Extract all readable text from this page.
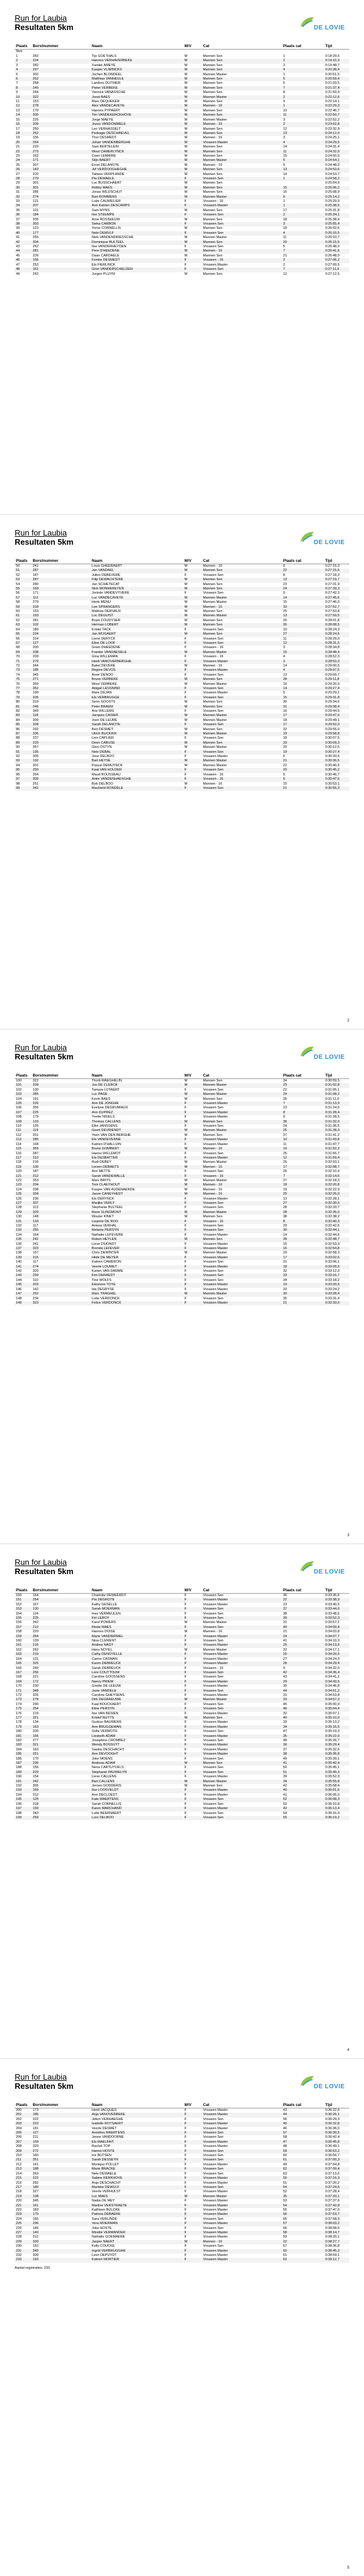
Run for Laubia
Resultaten 5km	DE LOVIE
Plaats	Borstnummer	Naam	M/V	Cat	Plaats cat	Tijd
5km						
1	283	Tijs GOETHALS	M	Mannen Sen	1	0:18:29,5
2	224	Hannes VERHAVERBEKE	M	Mannen Sen	2	0:19:10,3
3	282	Xander AMEYE	M	Mannen Sen	3	0:19:48,7
4	297	Kasper VLIMINCKX	M	Mannen Sen	4	0:20:38,4
5	302	Jochen BLONDEEL	M	Mannen Master	1	0:20:51,5
6	262	Matthias VANHEULE	M	Mannen Sen	5	0:20:59,4
7	268	Landoro DUTHIER	M	Mannen Sen	6	0:21:03,5
8	240	Pieter VERBEKE	M	Mannen Sen	7	0:21:37,4
9	244	Yannick VANASSCHE	M	Mannen Sen	8	0:21:59,9
10	322	Joost BAES	M	Mannen Master	2	0:22:12,6
11	153	Marc DEQUEKER	M	Mannen Sen	9	0:22:14,1
12	278	Alex VANDECAVEYE	M	Mannen - 16	1	0:22:29,3
13	170	Hannes PYPAERT	M	Mannen Sen	10	0:22:46,7
14	300	Tim VANDEKERCKHOVE	M	Mannen Sen	11	0:22:50,7
15	225	Jorge MAEYE	M	Mannen Master	3	0:22:52,2
16	209	Jozeo VANDOMMELE	M	Mannen - 16	2	0:23:02,8
17	250	Leo VERHASSELT	M	Mannen Sen	12	0:23:32,9
18	252	Pedragio DESCHREVEL	M	Mannen Sen	13	0:24:12,0
19	156	Thor DESMEDT	M	Mannen - 16	3	0:24:25,1
20	264	Johan VANDENBERGHE	M	Vrouwen Master	4	0:24:29,5
21	229	Sam BERTELEIN	M	Mannen Sen	14	0:24:31,4
22	273	Wout CAMERLYNCK	M	Mannen Sen	11	0:24:32,0
23	162	Coen LEMAIRE	M	Mannen Sen	15	0:24:50,5
24	171	Stijn BAERT	M	Mannen Master	5	0:24:54,1
25	307	Ernst DELANOTE	M	Mannen - 16	5	0:24:48,2
26	143	Jef VERDOOGHEGHE	M	Mannen Sen	13	0:24:53,6
27	220	Tatiano VERPLANDE	M	Mannen Sen	14	0:24:53,7
28	279	Pia DEWAELE	F	Vrouwen Sen	1	0:24:58,2
29	301	Luc BUSSCHAERT	M	Mannen Sen		0:25:04,9
30	301	Robby MAES	M	Mannen Sen	15	0:25:06,2
31	285	Jonas WILDSCHUT	M	Mannen Sen	16	0:25:08,9
32	274	Bart ROMMENS	M	Mannen Master	6	0:25:14,2
33	121	Lode CAUWELIER	F	Vrouwen - 16	1	0:25:29,9
34	207	Ann Katrien DESCAMPS	F	Vrouwen Master	1	0:25:38,5
35	101	Sam MYNS	M	Mannen Sen	17	0:25:31,8
36	184	Ilse STEEMPE	F	Vrouwen Sen	2	0:25:34,1
37	205	Arne ROSSEEUW	M	Mannen Sen	18	0:25:38,4
38	303	Sieka CARBON	F	Vrouwen Sen	3	0:25:55,4
39	123	Yorne CORNELLIS	M	Mannen Sen	18	0:26:02,6
40	177	Nele DEMULF	F	Vrouwen Sen	4	0:26:10,5
41	255	Niek VANDENDRIESSCHE	M	Mannen Master	11	0:26:10,7
42	304	Dominique BULTEEL	M	Mannen Sen	20	0:26:15,5
43	262	Ilse VANDERHEYDEN	F	Vrouwen Sen	5	0:26:48,0
44	281	Pere D'HEEDENE	M	Mannen - 16	7	0:26:41,6
45	226	Daan CARDAELE	M	Mannen Sen	21	0:26:48,0
46	156	Femke DESMEDT	F	Vrouwen - 16	2	0:27:06,2
47	253	Els FIERLINCK	F	Vrouwen Master	2	0:27:09,5
48	161	Griet VANDERSCHELDEN	F	Vrouwen Sen	7	0:27:11,6
49	262	Jurgen PLUYM	M	Mannen Sen	12	0:27:12,5
Run for Laubia
Resultaten 5km	DE LOVIE
Plaats	Borstnummer	Naam	M/V	Cat	Plaats cat	Tijd
50	241	Louis GHEERAERT	M	Mannen - 16	6	0:27:15,3
51	287	Jan VANDAEL	M	Mannen Sen	22	0:27:15,6
52	187	Julien DEBEVERE	F	Vrouwen Sen	8	0:27:18,3
53	287	Filip DEWACHTERE	M	Mannen Sen	13	0:27:19,7
54	280	Jan SCHIETECAT	M	Mannen Sen	23	0:27:31,9
55	169	Nick MONHEREYEN	M	Mannen Sen	24	0:27:39,3
56	171	Jorinde VANDEVYVERE	F	Vrouwen Sen	9	0:27:42,3
57	112	Luc VANDECAVEYE	M	Mannen Master	14	0:27:45,6
58	279	Henk MENU	M	Mannen Master	15	0:27:46,0
59	318	Lee SPRANGERS	M	Mannen - 16	10	0:27:52,7
60	153	Mathias DERVAUX	M	Mannen Sen	25	0:27:53,8
61	193	Luc DEGUIST	M	Mannen Master	13	0:27:59,5
62	281	Bram COUDYSER	M	Mannen Sen	26	0:28:01,8
63	102	Herman LOBERT	M	Mannen Sen	26	0:28:08,5
64	189	Kristel TACK	F	Vrouwen Sen	10	0:28:24,3
65	224	Jan WIJGAERT	M	Mannen Sen	27	0:28:24,5
66	314	Liene DERYCK	F	Vrouwen Sen	11	0:28:29,0
67	127	Eline DE LOOF	F	Vrouwen Sen	12	0:28:31,5
68	200	Greet DHEEDENE	F	Vrouwen - 16	3	0:28:34,8
69	338	Frankie VANDAESELE	M	Mannen Master	15	0:28:48,4
70	209	Gina WILLEMAN	F	Vrouwen - 16	4	0:28:52,3
71	279	Heidi VANOVERBERGHE	F	Vrouwen Master	3	0:28:53,3
72	344	Bakel DEVERE	M	Mannen - 16	14	0:29:00,5
73	185	Regine DEVOS	F	Vrouwen Master	4	0:29:07,5
74	345	Anne DENOO	F	Vrouwen Sen	13	0:29:09,7
75	271	Bruno VERBEKE	M	Mannen Sen	28	0:29:11,8
76	350	Wout VERBEKE	M	Mannen Master	16	0:29:20,0
77	352	Abigail LESSNIND	F	Vrouwen Sen	14	0:29:27,4
78	199	Mare DEJAN	F	Vrouwen Master	5	0:29:29,1
79	205	Els VERBRUGGE	F	Vrouwen Sen	15	0:29:31,8
80	319	Senn GOOSTS	M	Mannen Sen	30	0:29:34,6
81	246	Peter BRAEM	M	Mannen Sen	31	0:29:38,4
82	349	Ans WILLEMS	F	Vrouwen Sen	16	0:29:44,5
83	118	Jacques CASIER	M	Mannen Master	17	0:29:47,0
84	309	Joeri DE LEURE	M	Mannen Master	18	0:29:49,1
85	328	Sarah DELANOTE	F	Vrouwen Sen	17	0:29:52,0
86	292	Bert DESMET	M	Mannen Sen	32	0:29:55,0
87	336	Ulrich BUCKINX	M	Mannen Master	19	0:29:58,8
88	237	Lien CAPLIER	F	Vrouwen Sen	18	0:30:07,5
89	229	Deen CABUSE	M	Mannen Sen	33	0:30:09,3
90	357	Glen OSTYN	M	Mannen Master	20	0:30:12,5
91	135	Nele DEBAL	F	Vrouwen Sen	19	0:30:27,4
92	305	Jose DELBOO	F	Vrouwen Master	6	0:30:33,6
93	192	Bart HEYSE	M	Mannen Master	21	0:30:36,5
94	301	Pascal DEMUYNCK	M	Mannen Master	22	0:30:40,6
95	250	Kaat VAN HOLDER	F	Vrouwen Sen	20	0:30:45,2
96	264	Maud ROUSSEAU	F	Vrouwen - 16	5	0:30:46,7
97	309	Anke VANDENHAESGHE	F	Vrouwen - 16	6	0:30:47,6
98	251	Bob DELBOO	M	Mannen - 16	15	0:30:53,1
99	342	Machteld RONDELE	F	Vrouwen Sen	21	0:30:55,3
2
Run for Laubia
Resultaten 5km	DE LOVIE
Plaats	Borstnummer	Naam	M/V	Cat	Plaats cat	Tijd
100	322	Thorb MAEGHELIN	M	Mannen Sen	34	0:30:59,5
101	209	Jos DE CLERCK	M	Mannen Master	23	0:31:02,8
102	130	Tamara LOTAERT	F	Vrouwen Sen	22	0:31:05,1
103	285	Luc PAGE	M	Mannen Master	24	0:31:08,2
104	191	Kevin BAES	M	Mannen Sen	35	0:31:11,0
105	226	Ann DE JONGHE	F	Vrouwen Master	7	0:31:13,9
106	355	Evelyne DEGRUMIAUX	F	Vrouwen Sen	23	0:31:24,5
107	225	Ann DUPREZ	F	Vrouwen Master	8	0:31:28,4
108	179	Yvette NIGELS	F	Vrouwen Master	9	0:31:28,5
109	133	Thomas CALLENS	M	Mannen Sen	36	0:31:32,0
110	126	Elke JANSSENS	F	Vrouwen Sen	24	0:31:36,5
111	119	Geert DEVRIENDT	M	Mannen Master	25	0:31:38,0
112	201	Yoeri VAN DEN BERGHE	M	Mannen Sen	37	0:31:41,2
113	285	Els VANDEVENNE	F	Vrouwen Master	10	0:31:43,8
114	168	Katrien D'HALLUIN	F	Vrouwen Master	11	0:31:47,7
115	359	Bruno GOMBERT	M	Mannen - 16	16	0:31:52,2
116	287	Hanne WILLEMOT	F	Vrouwen Sen	25	0:31:55,7
117	313	Els DESBATTER	F	Vrouwen Master	12	0:31:59,4
118	216	Rudi DEBEY	M	Mannen Master	26	0:32:03,1
119	130	Lieven DEBAETS	M	Mannen - 16	17	0:32:08,7
120	187	Ann METTE	F	Vrouwen Sen	26	0:32:10,4
121	312	Sarah VANDEWALLE	F	Vrouwen - 16	7	0:32:14,6
122	353	Marc BRIYS	M	Mannen Master	27	0:32:18,3
123	204	Tom CLAEYHOUT	M	Mannen - 16	18	0:32:20,8
124	338	Kasper VAN AUDENAERDE	M	Mannen - 16	19	0:32:22,9
125	334	Jason CANEYHEDT	M	Mannen - 16	20	0:32:25,0
126	236	Els DERYNCK	F	Vrouwen Master	13	0:32:28,1
127	337	Marijke VERLY	F	Vrouwen Sen	27	0:32:30,5
128	113	Stephanie BULTEEL	F	Vrouwen Sen	28	0:32:33,7
129	320	Rene SLINGMONT	M	Mannen Master	28	0:32:35,0
130	148	Wouter KINET	M	Mannen Sen	38	0:32:38,2
131	133	Lisanne DE ROO	F	Vrouwen - 16	8	0:32:40,3
132	117	Anissa VERHAL	F	Vrouwen Sen	29	0:32:42,6
133	255	Melanie PERSYN	F	Vrouwen Sen	30	0:32:44,1
134	164	Nathalie LEFEVERE	F	Vrouwen Master	14	0:32:44,6
135	242	Ruben HEYLEN	M	Mannen Sen	39	0:32:48,7
136	241	Lieve D'HONDT	F	Vrouwen Master	15	0:32:53,3
137	323	Brenda LEFEVER	F	Vrouwen Master	16	0:32:54,8
138	157	Chris DEWINTER	M	Mannen Master	29	0:32:58,3
139	315	Hilde DE MEYER	F	Vrouwen Master	17	0:33:02,6
140	117	Katrien CAMERON	F	Vrouwen Sen	31	0:33:06,1
141	274	Veerle LOUWET	F	Vrouwen Master	18	0:33:09,5
142	320	Karien VAN DAMME	F	Vrouwen Sen	32	0:33:12,0
143	259	Kim DERAEDT	F	Vrouwen Sen	33	0:33:15,7
144	110	Tine WOLFS	F	Vrouwen Sen	34	0:33:18,2
145	203	Eleonore TOYE	F	Vrouwen Master	19	0:33:20,5
146	142	Ida DEGRYSE	F	Vrouwen Master	20	0:33:24,2
147	252	Marc TRAGHEL	M	Mannen Master	30	0:33:28,4
148	234	Lotte VERDONCK	F	Vrouwen Sen	35	0:33:31,4
149	323	Felice VERDONCK	F	Vrouwen Master	21	0:33:33,0
3
Run for Laubia
Resultaten 5km	DE LOVIE
Plaats	Borstnummer	Naam	M/V	Cat	Plaats cat	Tijd
150	164	Charlotte DEWEERDT	F	Vrouwen Sen	36	0:33:35,6
151	254	Pia DEGROTE	F	Vrouwen Master	22	0:33:38,9
152	167	Kathy GESELLE	F	Vrouwen Master	23	0:33:40,5
153	130	Sarah MOERMAN	F	Vrouwen Sen	37	0:33:44,0
154	124	Ines VERMEULEN	F	Vrouwen Sen	38	0:33:48,6
155	225	Kiri LEROY	F	Vrouwen Sen	39	0:33:52,3
156	342	Karel POWERS	M	Mannen Master	31	0:33:57,1
157	212	Rinde MAES	F	Vrouwen Sen	40	0:34:00,4
158	220	Hannes DOISE	M	Mannen - 16	21	0:34:03,8
159	264	Marie VANDIERMEL	F	Vrouwen Master	24	0:34:07,7
160	139	Nina CLEMENT	F	Vrouwen Sen	41	0:34:10,0
161	216	Andrea NAGY	F	Vrouwen Master	25	0:34:13,6
162	262	Hans NOYEL	M	Mannen Master	32	0:34:17,1
163	219	Cathy DENOYELLE	F	Vrouwen Master	26	0:34:20,5
164	131	Carine CASMAN	F	Vrouwen Master	27	0:34:24,3
165	325	Karen DEBREUCK	F	Vrouwen Master	28	0:34:29,4
166	260	Sarah DEBREUCK	F	Vrouwen - 16	9	0:34:32,0
167	256	Lore COUTTOUW	F	Vrouwen Sen	42	0:34:36,4
168	221	Caroline GOOSSENS	F	Vrouwen Sen	43	0:34:41,1
169	172	Nancy PRIEM	F	Vrouwen Master	29	0:34:43,5
170	230	Griette DE LEEUW	F	Vrouwen Master	30	0:34:46,8
171	348	Jozie VANDELE	F	Vrouwen Sen	44	0:34:51,2
172	326	Caroline GHEYSENS	F	Vrouwen Master	31	0:34:53,8
173	278	Dirk DEGRAEUWE	M	Mannen Master	33	0:34:57,3
174	290	Kaat BOUCKAERT	F	Vrouwen Sen	45	0:35:00,9
175	254	Eline PERSYN	F	Vrouwen Sen	46	0:35:04,4
176	219	Ilse VAN BESIEN	F	Vrouwen Master	32	0:35:07,1
177	321	Kristof NUYTS	M	Mannen Sen	40	0:35:10,0
178	134	Gudrun BAUWENS	F	Vrouwen Master	33	0:35:13,2
179	163	Ann BRUGGEMAN	F	Vrouwen Master	34	0:35:16,5
180	200	Sofie VERMOTE	F	Vrouwen Sen	47	0:35:19,3
181	165	Liesbeth ADAM	F	Vrouwen Master	35	0:35:22,0
182	277	Josephine CROMBEZ	F	Vrouwen Sen	48	0:35:26,7
183	321	Wendy BOSSUYT	F	Vrouwen Master	36	0:35:29,4
184	163	Saskia DESCHACHT	F	Vrouwen Master	37	0:35:32,6
185	251	Ann DEVOOGHT	F	Vrouwen Master	38	0:35:35,8
186	170	Joke MOENS	F	Vrouwen Sen	49	0:35:39,1
187	236	Andreas ADAM	M	Mannen Sen	41	0:35:42,4
188	156	Nena CARTUYVELS	F	Vrouwen Sen	50	0:35:45,1
189	229	Stephanie PAUWELYN	F	Vrouwen Sen	51	0:35:49,3
190	154	Lieve CALLENS	F	Vrouwen Master	39	0:35:52,9
191	242	Bart CALLENS	M	Mannen Master	34	0:35:55,8
192	365	Jeroen GODDERIS	M	Mannen Sen	42	0:35:58,4
193	169	Ilse LOOSVELDT	F	Vrouwen Master	40	0:36:01,6
194	312	Ann DECLOEDT	F	Vrouwen Master	41	0:36:05,0
195	125	Kate MAERTENS	F	Vrouwen Sen	52	0:36:08,3
196	318	Sarah CORNELLIS	F	Vrouwen Sen	53	0:36:10,8
197	159	Karen MARCHAND	F	Vrouwen Master	42	0:36:13,4
198	343	Lotte BEERNAERT	F	Vrouwen Sen	54	0:36:16,9
199	259	Lore DELBOO	F	Vrouwen Sen	55	0:36:19,2
4
Run for Laubia
Resultaten 5km	DE LOVIE
Plaats	Borstnummer	Naam	M/V	Cat	Plaats cat	Tijd
200	173	Heidi JACQUES	F	Vrouwen Master	43	0:36:22,6
201	186	Anja VANOVERBEKE	F	Vrouwen Master	44	0:36:26,1
202	222	Jelien VERHAEGHE	F	Vrouwen Sen	56	0:36:29,3
203	223	Isabelle ROTSAERT	F	Vrouwen Master	45	0:36:32,8
204	191	Veerle DESMET	F	Vrouwen Master	46	0:36:36,0
205	127	Annelies MAERTENS	F	Vrouwen Sen	57	0:36:39,5
206	211	Jenne VANDOORNE	F	Vrouwen Sen	58	0:36:42,4
207	159	Els MAELFAIT	F	Vrouwen Master	47	0:36:45,8
208	329	Rachel TOP	F	Vrouwen Master	48	0:36:49,1
209	272	Hanne HOSTE	F	Vrouwen Sen	59	0:36:53,2
210	160	Ine BUTSEN	F	Vrouwen Sen	60	0:36:56,7
211	351	Sarah DESSEYN	F	Vrouwen Sen	61	0:37:00,3
212	141	Monique POLLET	F	Vrouwen Master	49	0:37:04,8
213	188	Marie BRACKE	F	Vrouwen Sen	62	0:37:09,4
214	263	Nele DEWAELE	F	Vrouwen Sen	63	0:37:13,0
215	222	Sabine KERKHOVE	F	Vrouwen Master	50	0:37:16,3
216	282	Anja DESCHACHT	F	Vrouwen Master	51	0:37:20,2
217	180	Marieke DEWULF	F	Vrouwen Sen	64	0:37:24,5
218	327	Veerle VERHULST	F	Vrouwen Master	52	0:37:28,4
219	138	Luc MAES	M	Mannen Master	35	0:37:33,1
220	345	Nadia DE MEY	F	Vrouwen Master	53	0:37:37,6
221	161	Martine VERSTRAETE	F	Vrouwen Master	54	0:37:42,8
222	183	Kathleen BULCKE	F	Vrouwen Master	55	0:37:47,0
223	170	Patricia DEBAERE	F	Vrouwen Master	56	0:37:53,7
224	165	Sara VERLINDE	F	Vrouwen Sen	65	0:37:58,9
225	296	Vera MOERMAN	F	Vrouwen Master	57	0:38:03,2
226	146	Joke HOSTE	F	Vrouwen Sen	66	0:38:08,6
227	140	Mireille VERMANDER	F	Vrouwen Master	58	0:38:14,7
228	312	Nathalie GOEMAERE	F	Vrouwen Master	59	0:38:20,1
229	330	Jasper NAERT	M	Mannen - 16	22	0:38:27,7
230	152	Kelly COUCKE	F	Vrouwen Sen	67	0:38:36,8
231	340	Ingrid VERBRUGGHE	F	Vrouwen Master	60	0:38:45,3
232	300	Leen DEPUYDT	F	Vrouwen Master	61	0:38:59,1
233	193	Katrien MORTIER	F	Vrouwen Master	62	0:39:12,7
Aantal registraties: 233
5
